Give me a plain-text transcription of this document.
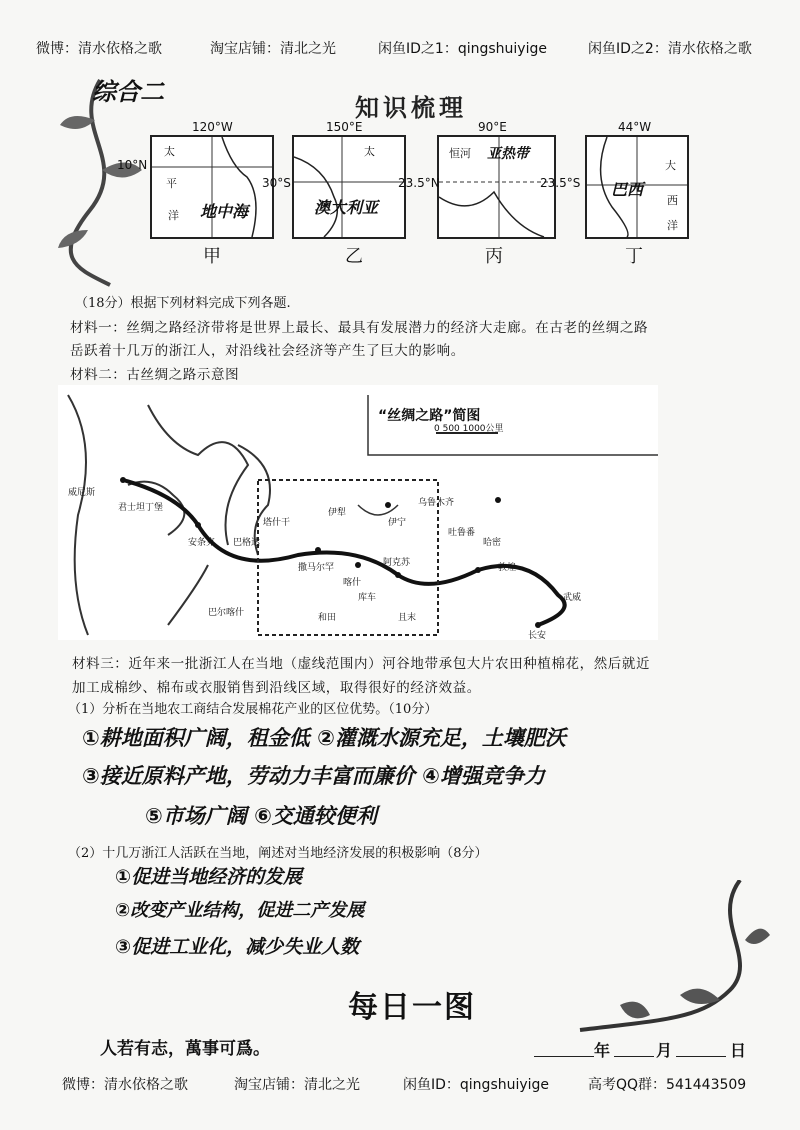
微博：清水依格之歌	淘宝店铺：清北之光	闲鱼ID之1：qingshuiyige	闲鱼ID之2：清水依格之歌
综合二
知识梳理
太
平
洋 地中海
120°W
10°N
甲
太
澳大利亚
150°E
30°S
乙
恒河 亚热带
90°E
23.5°N
丙
大
西
洋
巴西
44°W
23.5°S
丁
（18分）根据下列材料完成下列各题.
材料一：丝绸之路经济带将是世界上最长、最具有发展潜力的经济大走廊。在古老的丝绸之路
岳跃着十几万的浙江人，对沿线社会经济等产生了巨大的影响。
材料二：古丝绸之路示意图
“丝绸之路”简图
0 500 1000公里
威尼斯
君士坦丁堡
安条克 巴格达
撒马尔罕
喀什
阿克苏
伊宁
乌鲁木齐
吐鲁番
哈密
敦煌
武威
长安
塔什干
巴尔喀什
伊犁
库车
和田	且末
材料三：近年来一批浙江人在当地（虚线范围内）河谷地带承包大片农田种植棉花，然后就近
加工成棉纱、棉布或衣服销售到沿线区域，取得很好的经济效益。
（1）分析在当地农工商结合发展棉花产业的区位优势。（10分）
①耕地面积广阔，租金低 ②灌溉水源充足，土壤肥沃
③接近原料产地，劳动力丰富而廉价 ④增强竞争力
⑤市场广阔 ⑥交通较便利
（2）十几万浙江人活跃在当地，阐述对当地经济发展的积极影响（8分）
①促进当地经济的发展
②改变产业结构，促进二产发展
③促进工业化，减少失业人数
每日一图
人若有志，萬事可爲。	年	月	日
微博：清水依格之歌	淘宝店铺：清北之光	闲鱼ID：qingshuiyige	高考QQ群：541443509
